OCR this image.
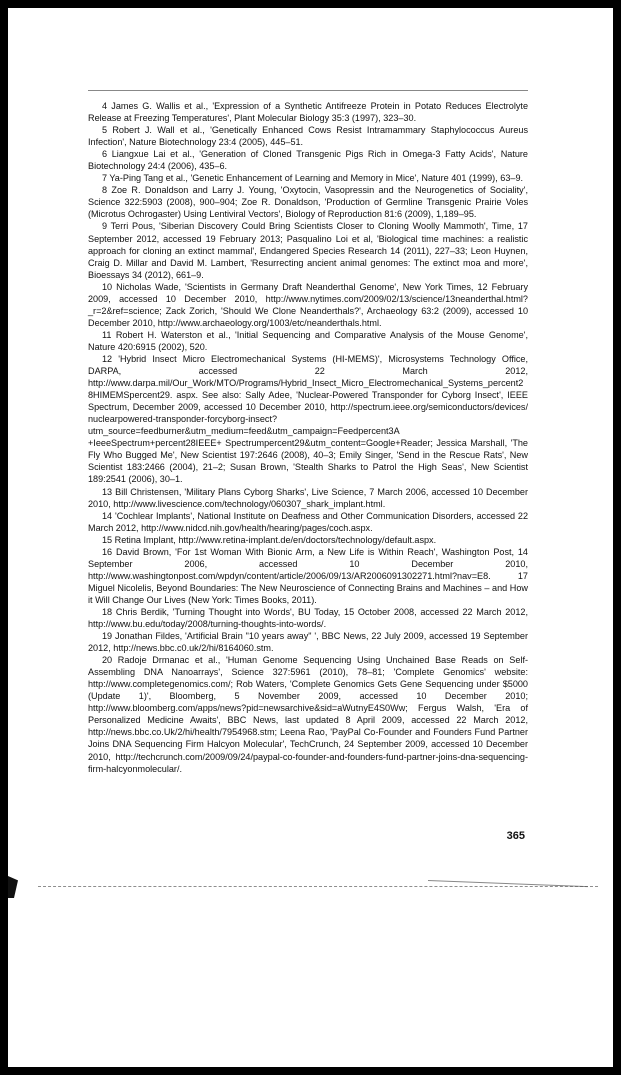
4 James G. Wallis et al., 'Expression of a Synthetic Antifreeze Protein in Potato Reduces Electrolyte Release at Freezing Temperatures', Plant Molecular Biology 35:3 (1997), 323–30.

5 Robert J. Wall et al., 'Genetically Enhanced Cows Resist Intramammary Staphylococcus Aureus Infection', Nature Biotechnology 23:4 (2005), 445–51.

6 Liangxue Lai et al., 'Generation of Cloned Transgenic Pigs Rich in Omega-3 Fatty Acids', Nature Biotechnology 24:4 (2006), 435–6.

7 Ya-Ping Tang et al., 'Genetic Enhancement of Learning and Memory in Mice', Nature 401 (1999), 63–9.

8 Zoe R. Donaldson and Larry J. Young, 'Oxytocin, Vasopressin and the Neurogenetics of Sociality', Science 322:5903 (2008), 900–904; Zoe R. Donaldson, 'Production of Germline Transgenic Prairie Voles (Microtus Ochrogaster) Using Lentiviral Vectors', Biology of Reproduction 81:6 (2009), 1,189–95.

9 Terri Pous, 'Siberian Discovery Could Bring Scientists Closer to Cloning Woolly Mammoth', Time, 17 September 2012, accessed 19 February 2013; Pasqualino Loi et al, 'Biological time machines: a realistic approach for cloning an extinct mammal', Endangered Species Research 14 (2011), 227–33; Leon Huynen, Craig D. Millar and David M. Lambert, 'Resurrecting ancient animal genomes: The extinct moa and more', Bioessays 34 (2012), 661–9.

10 Nicholas Wade, 'Scientists in Germany Draft Neanderthal Genome', New York Times, 12 February 2009, accessed 10 December 2010, http://www.nytimes.com/2009/02/13/science/13neanderthal.html?_r=2&ref=science; Zack Zorich, 'Should We Clone Neanderthals?', Archaeology 63:2 (2009), accessed 10 December 2010, http://www.archaeology.org/1003/etc/neanderthals.html.

11 Robert H. Waterston et al., 'Initial Sequencing and Comparative Analysis of the Mouse Genome', Nature 420:6915 (2002), 520.

12 'Hybrid Insect Micro Electromechanical Systems (HI-MEMS)', Microsystems Technology Office, DARPA, accessed 22 March 2012, http://www.darpa.mil/Our_Work/MTO/Programs/Hybrid_Insect_Micro_Electromechanical_Systems_percent28HIMEMSpercent29. aspx. See also: Sally Adee, 'Nuclear-Powered Transponder for Cyborg Insect', IEEE Spectrum, December 2009, accessed 10 December 2010, http://spectrum.ieee.org/semiconductors/devices/ nuclearpowered-transponder-forcyborg-insect? utm_source=feedburner&utm_medium=feed&utm_campaign=Feedpercent3A +IeeeSpectrum+percent28IEEE+ Spectrumpercent29&utm_content=Google+Reader; Jessica Marshall, 'The Fly Who Bugged Me', New Scientist 197:2646 (2008), 40–3; Emily Singer, 'Send in the Rescue Rats', New Scientist 183:2466 (2004), 21–2; Susan Brown, 'Stealth Sharks to Patrol the High Seas', New Scientist 189:2541 (2006), 30–1.

13 Bill Christensen, 'Military Plans Cyborg Sharks', Live Science, 7 March 2006, accessed 10 December 2010, http://www.livescience.com/technology/060307_shark_implant.html.

14 'Cochlear Implants', National Institute on Deafness and Other Communication Disorders, accessed 22 March 2012, http://www.nidcd.nih.gov/health/hearing/pages/coch.aspx.

15 Retina Implant, http://www.retina-implant.de/en/doctors/technology/default.aspx.

16 David Brown, 'For 1st Woman With Bionic Arm, a New Life is Within Reach', Washington Post, 14 September 2006, accessed 10 December 2010, http://www.washingtonpost.com/wpdyn/content/article/2006/09/13/AR2006091302271.html?nav=E8. 17 Miguel Nicolelis, Beyond Boundaries: The New Neuroscience of Connecting Brains and Machines – and How it Will Change Our Lives (New York: Times Books, 2011).

18 Chris Berdik, 'Turning Thought into Words', BU Today, 15 October 2008, accessed 22 March 2012, http://www.bu.edu/today/2008/turning-thoughts-into-words/.

19 Jonathan Fildes, 'Artificial Brain "10 years away" ', BBC News, 22 July 2009, accessed 19 September 2012, http://news.bbc.c0.uk/2/hi/8164060.stm.

20 Radoje Drmanac et al., 'Human Genome Sequencing Using Unchained Base Reads on Self-Assembling DNA Nanoarrays', Science 327:5961 (2010), 78–81; 'Complete Genomics' website: http://www.completegenomics.com/; Rob Waters, 'Complete Genomics Gets Gene Sequencing under $5000 (Update 1)', Bloomberg, 5 November 2009, accessed 10 December 2010; http://www.bloomberg.com/apps/news?pid=newsarchive&sid=aWutnyE4S0Ww; Fergus Walsh, 'Era of Personalized Medicine Awaits', BBC News, last updated 8 April 2009, accessed 22 March 2012, http://news.bbc.co.Uk/2/hi/health/7954968.stm; Leena Rao, 'PayPal Co-Founder and Founders Fund Partner Joins DNA Sequencing Firm Halcyon Molecular', TechCrunch, 24 September 2009, accessed 10 December 2010, http://techcrunch.com/2009/09/24/paypal-co-founder-and-founders-fund-partner-joins-dna-sequencing-firm-halcyonmolecular/.

365
